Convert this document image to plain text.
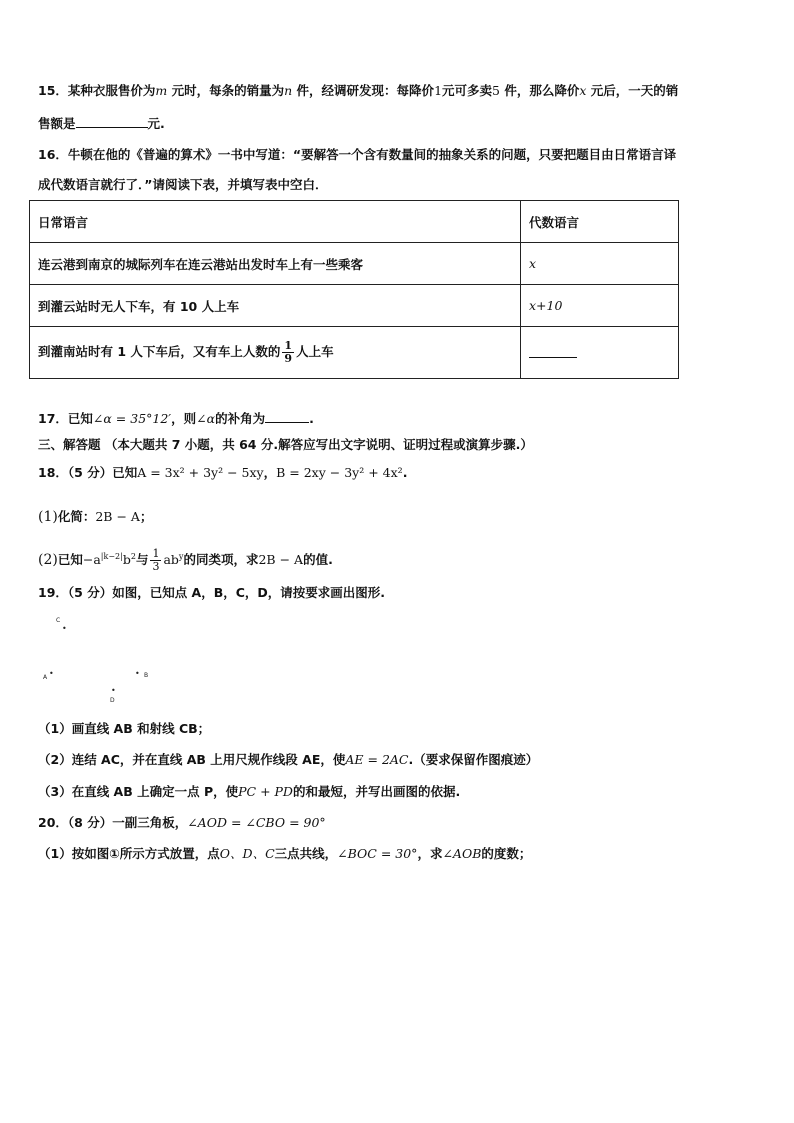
15．某种衣服售价为m 元时，每条的销量为n 件，经调研发现：每降价1元可多卖5 件，那么降价x 元后，一天的销
售额是	元.
16．牛顿在他的《普遍的算术》一书中写道：“要解答一个含有数量间的抽象关系的问题，只要把题目由日常语言译
成代数语言就行了．”请阅读下表，并填写表中空白．
日常语言	代数语言
连云港到南京的城际列车在连云港站出发时车上有一些乘客	x
到灌云站时无人下车，有 10 人上车	x+10
到灌南站时有 1 人下车后，又有车上人数的 $\frac{1}{9}$ 人上车	
17．已知∠α = 35°12′，则∠α的补角为	.
三、解答题 （本大题共 7 小题，共 64 分.解答应写出文字说明、证明过程或演算步骤.）
18．（5 分）已知A = 3x² + 3y² − 5xy，B = 2xy − 3y² + 4x².
(1)化简：2B − A；
(2)已知$-a^{|k-2|}b^2$与 $\frac{1}{3} ab^y$的同类项，求2B − A的值.
19．（5 分）如图，已知点 A，B，C，D，请按要求画出图形.
C
•
A •	• B
•
D
（1）画直线 AB 和射线 CB；
（2）连结 AC，并在直线 AB 上用尺规作线段 AE，使AE = 2AC.（要求保留作图痕迹）
（3）在直线 AB 上确定一点 P，使PC + PD的和最短，并写出画图的依据.
20．（8 分）一副三角板，∠AOD = ∠CBO = 90°
（1）按如图①所示方式放置，点O、D、C三点共线，∠BOC = 30°，求∠AOB的度数；
